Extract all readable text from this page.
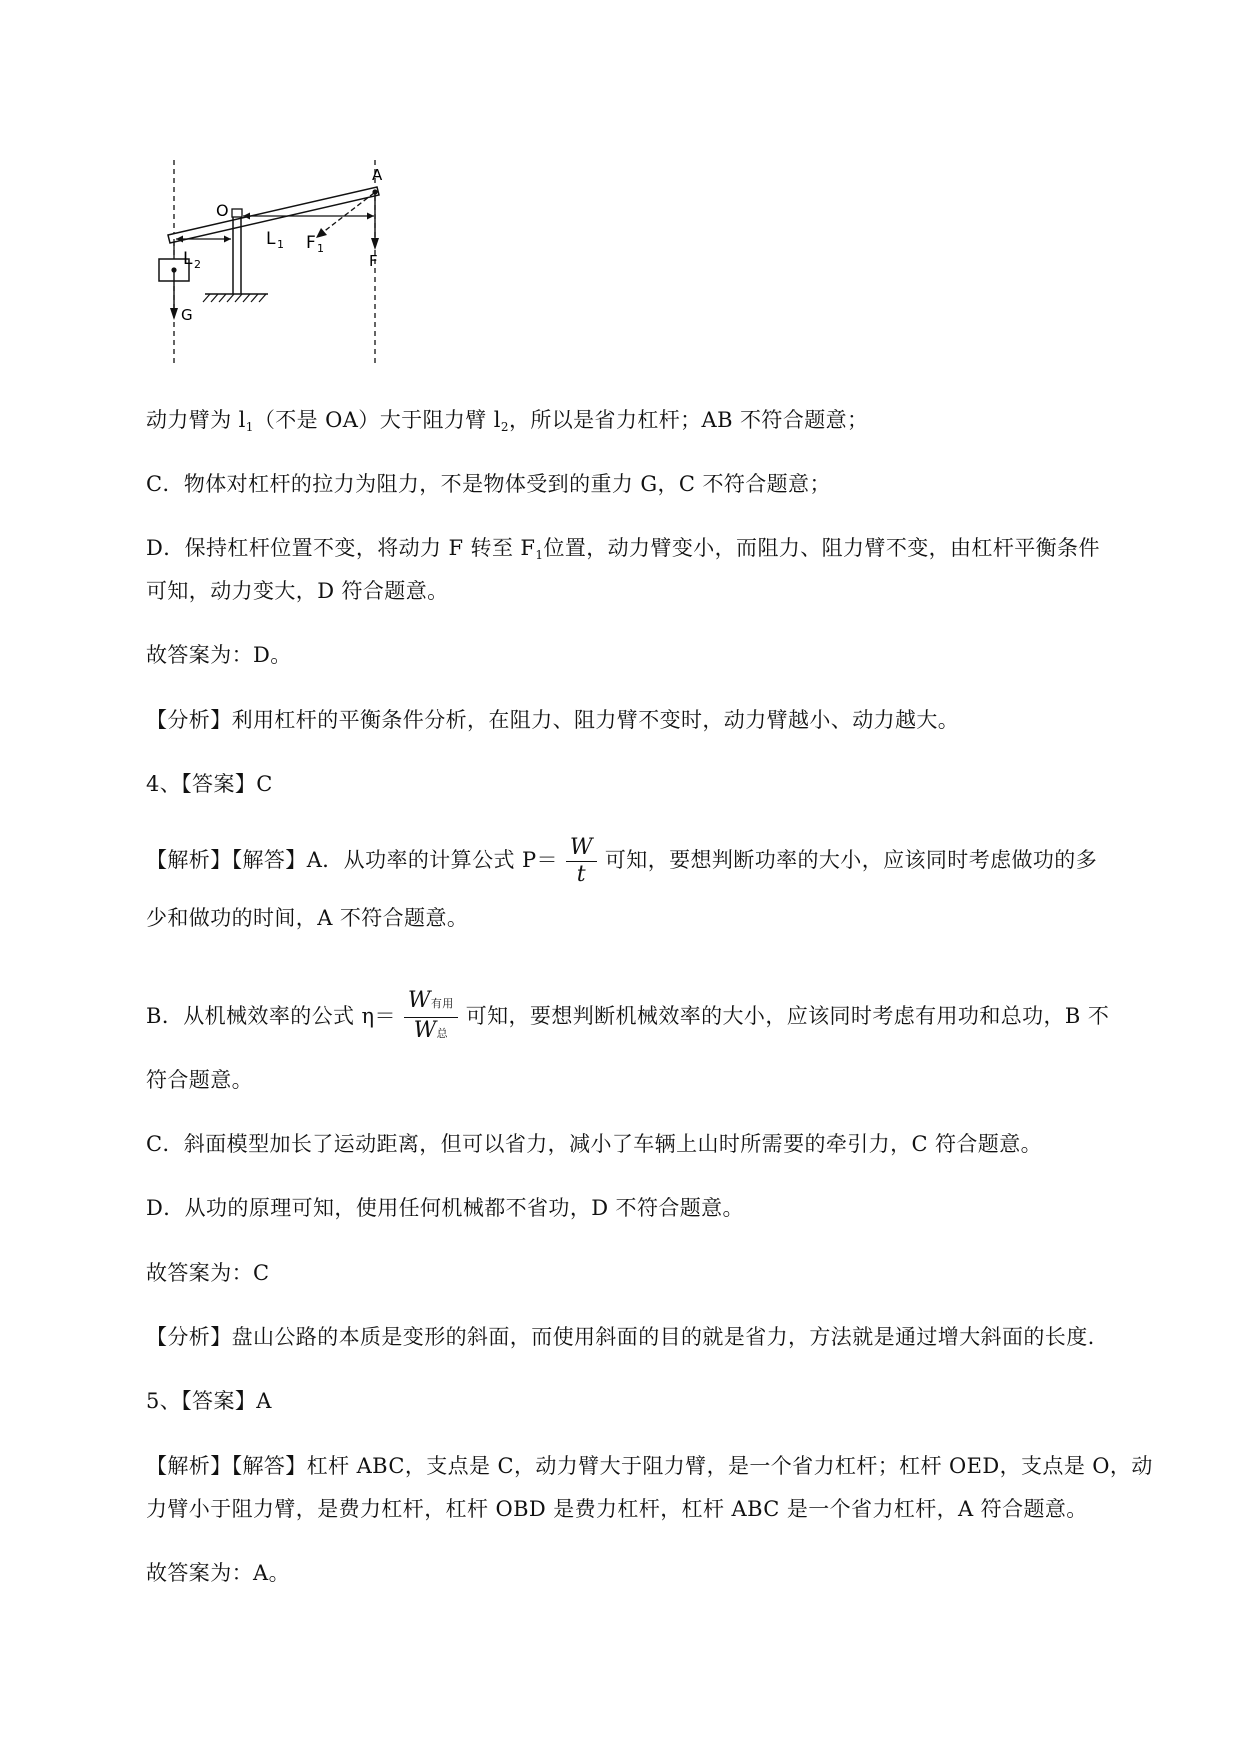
A
O
L 1
L 2
F 1
F
G
动力臂为 $l_1$（不是 OA）大于阻力臂 $l_2$，所以是省力杠杆；AB 不符合题意；
C．物体对杠杆的拉力为阻力，不是物体受到的重力 G，C 不符合题意；
D．保持杠杆位置不变，将动力 F 转至 $F_1$位置，动力臂变小，而阻力、阻力臂不变，由杠杆平衡条件
可知，动力变大，D 符合题意。
故答案为：D。
【分析】利用杠杆的平衡条件分析，在阻力、阻力臂不变时，动力臂越小、动力越大。
4、【答案】C
【解析】【解答】A．从功率的计算公式 $P= \frac{W}{t}$ 可知，要想判断功率的大小，应该同时考虑做功的多
少和做功的时间，A 不符合题意。
B．从机械效率的公式 $\eta= \frac{\text{W有用}}{\text{W总}}$ 可知，要想判断机械效率的大小，应该同时考虑有用功和总功，B 不
符合题意。
C．斜面模型加长了运动距离，但可以省力，减小了车辆上山时所需要的牵引力，C 符合题意。
D．从功的原理可知，使用任何机械都不省功，D 不符合题意。
故答案为：C
【分析】盘山公路的本质是变形的斜面，而使用斜面的目的就是省力，方法就是通过增大斜面的长度.
5、【答案】A
【解析】【解答】杠杆 ABC，支点是 C，动力臂大于阻力臂，是一个省力杠杆；杠杆 OED，支点是 O，动
力臂小于阻力臂，是费力杠杆，杠杆 OBD 是费力杠杆，杠杆 ABC 是一个省力杠杆，A 符合题意。
故答案为：A。
